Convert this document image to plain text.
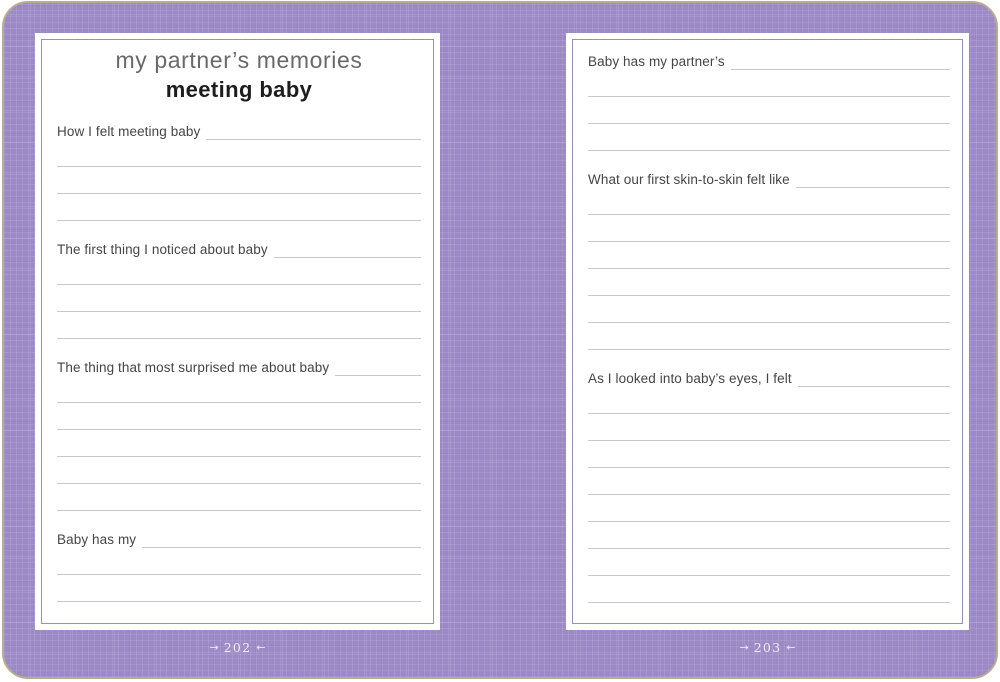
my partner’s memories
meeting baby
How I felt meeting baby
The first thing I noticed about baby
The thing that most surprised me about baby
Baby has my
Baby has my partner’s
What our first skin-to-skin felt like
As I looked into baby’s eyes, I felt
→ 202 ←	→ 203 ←
